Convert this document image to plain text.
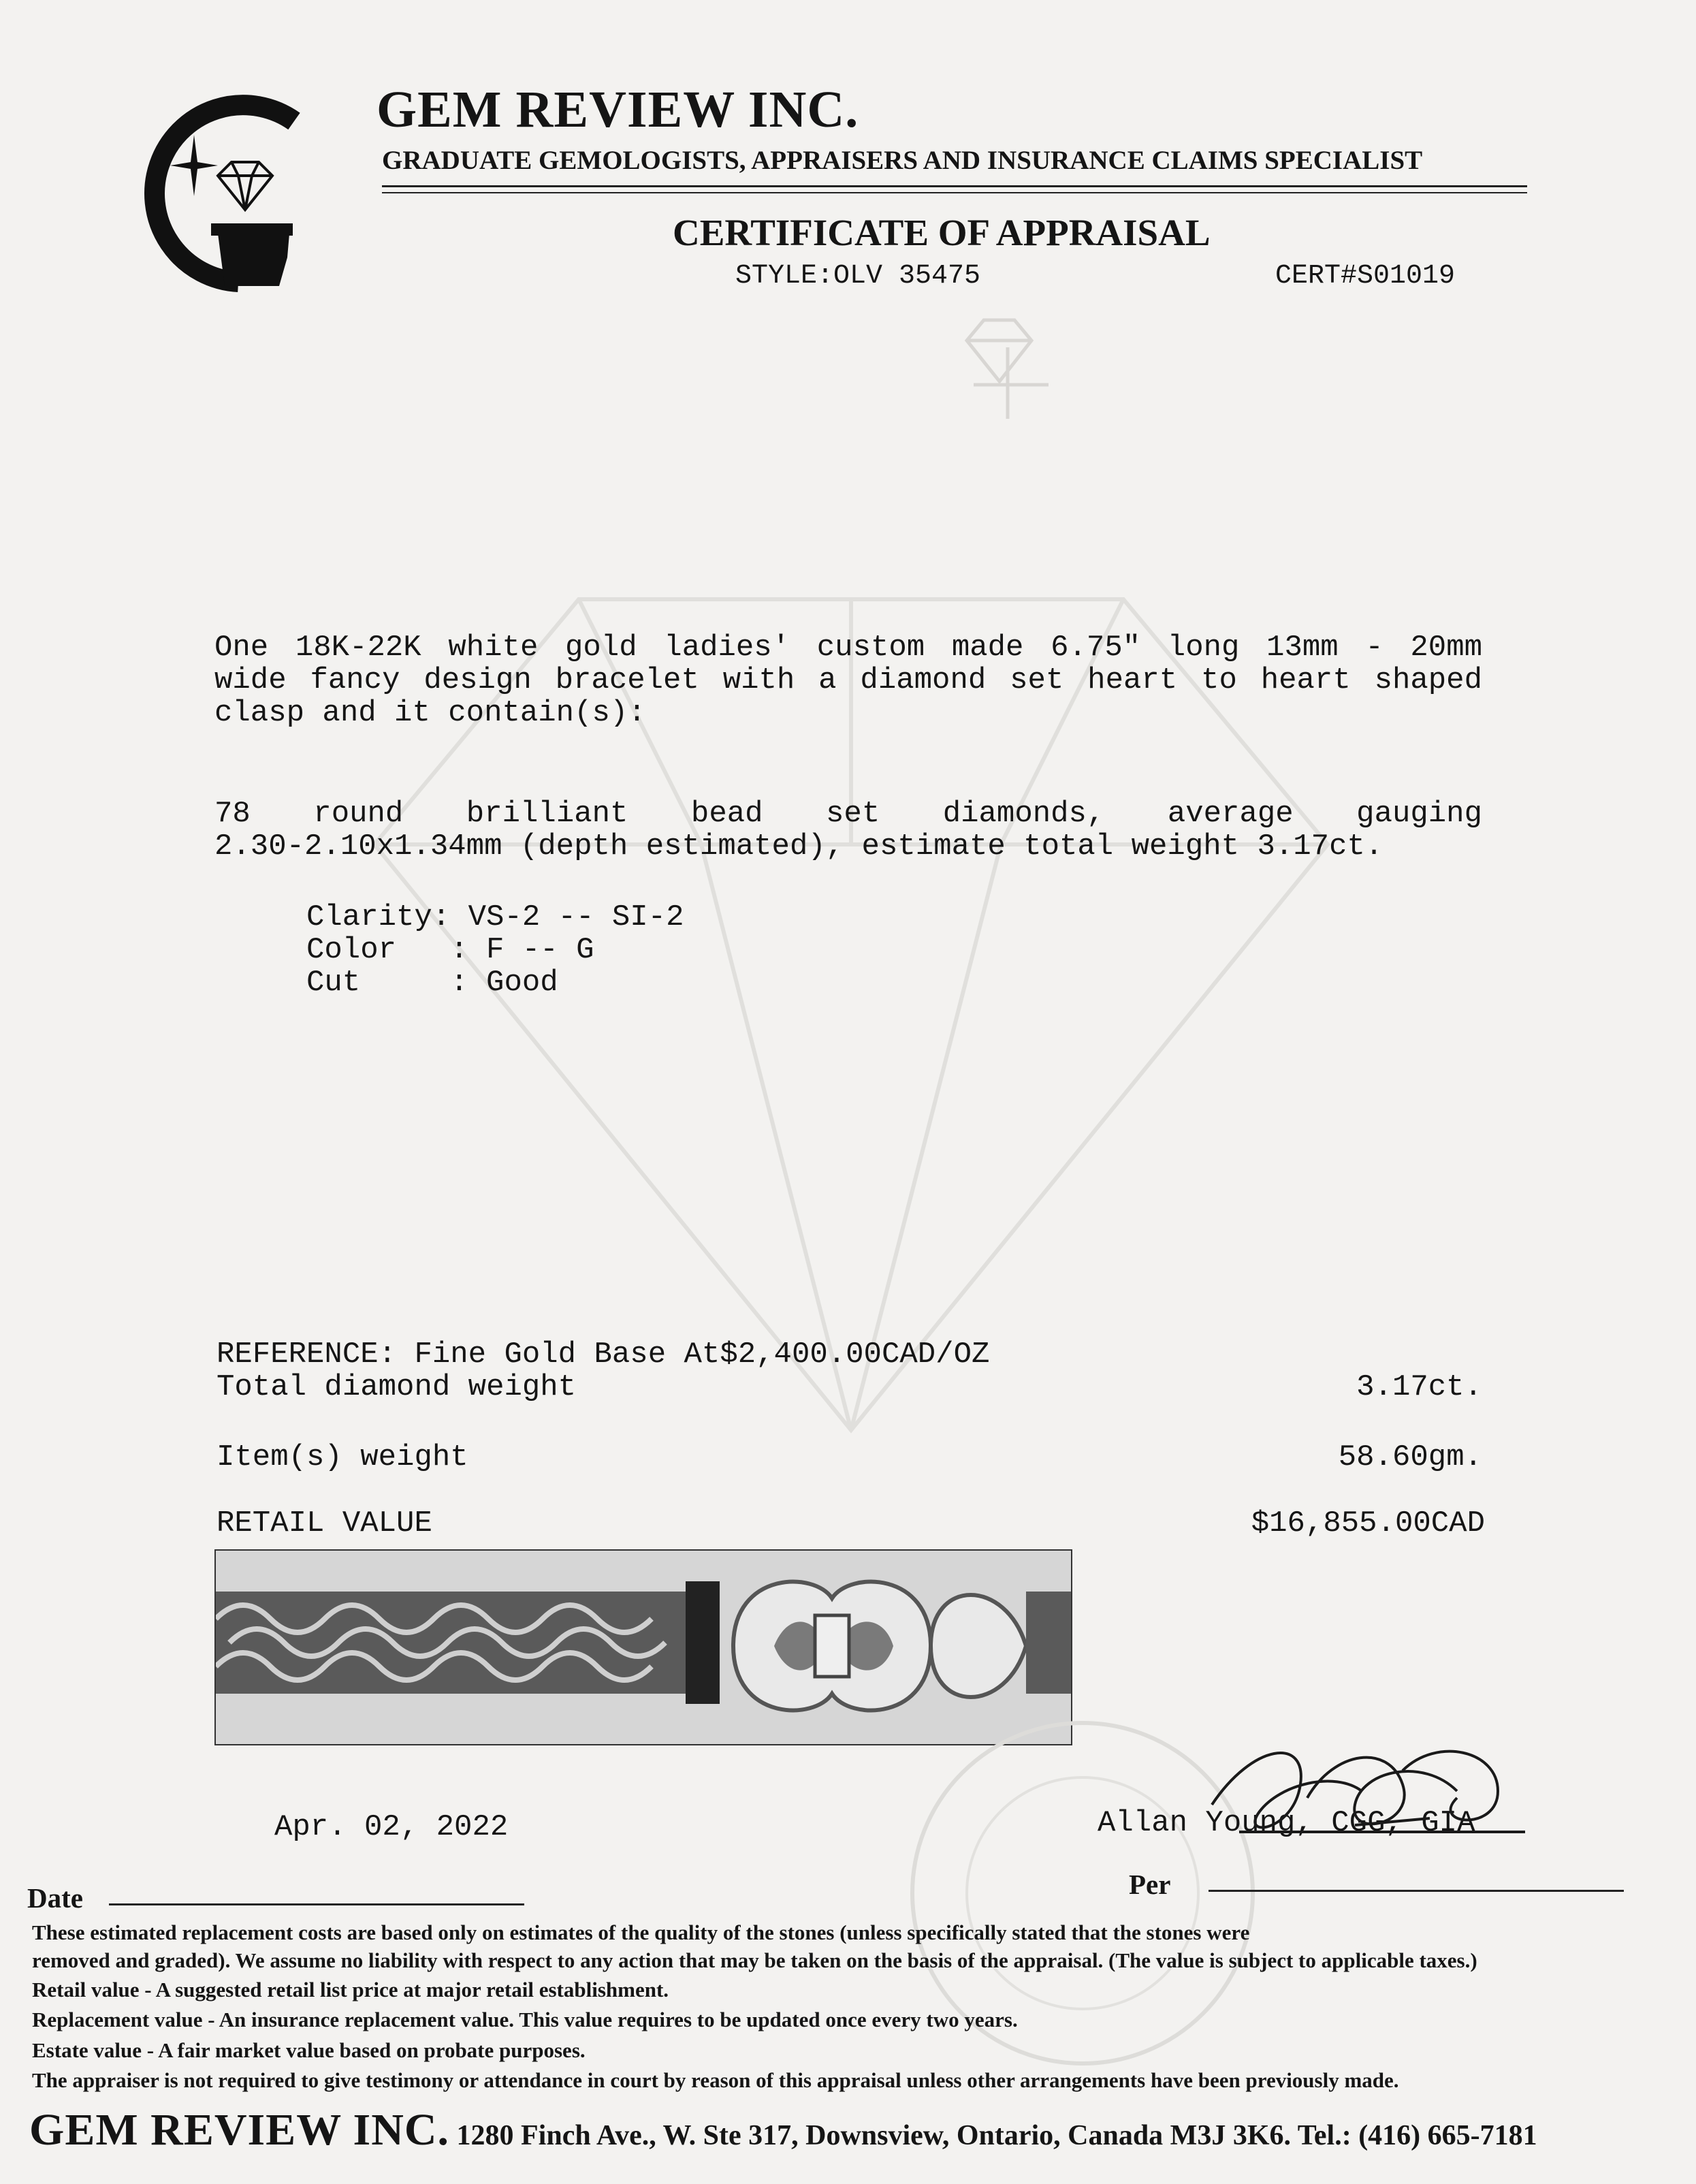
GEM REVIEW INC.
GRADUATE GEMOLOGISTS, APPRAISERS AND INSURANCE CLAIMS SPECIALIST
CERTIFICATE OF APPRAISAL
STYLE:OLV 35475	CERT#S01019
One 18K-22K white gold ladies' custom made 6.75" long 13mm - 20mm
wide fancy design bracelet with a diamond set heart to heart shaped
clasp and it contain(s):
78 round brilliant bead set diamonds, average gauging
2.30-2.10x1.34mm (depth estimated), estimate total weight 3.17ct.
Clarity: VS-2 -- SI-2
Color   : F -- G
Cut     : Good
REFERENCE: Fine Gold Base At$2,400.00CAD/OZ
Total diamond weight	3.17ct.
Item(s) weight	58.60gm.
RETAIL VALUE	$16,855.00CAD
Apr. 02, 2022	Allan Young, CGG, GIA
Date	Per
These estimated replacement costs are based only on estimates of the quality of the stones (unless specifically stated that the stones were
removed and graded). We assume no liability with respect to any action that may be taken on the basis of the appraisal. (The value is subject to applicable taxes.)
Retail value - A suggested retail list price at major retail establishment.
Replacement value - An insurance replacement value. This value requires to be updated once every two years.
Estate value - A fair market value based on probate purposes.
The appraiser is not required to give testimony or attendance in court by reason of this appraisal unless other arrangements have been previously made.
GEM REVIEW INC. 1280 Finch Ave., W. Ste 317, Downsview, Ontario, Canada M3J 3K6. Tel.: (416) 665-7181
